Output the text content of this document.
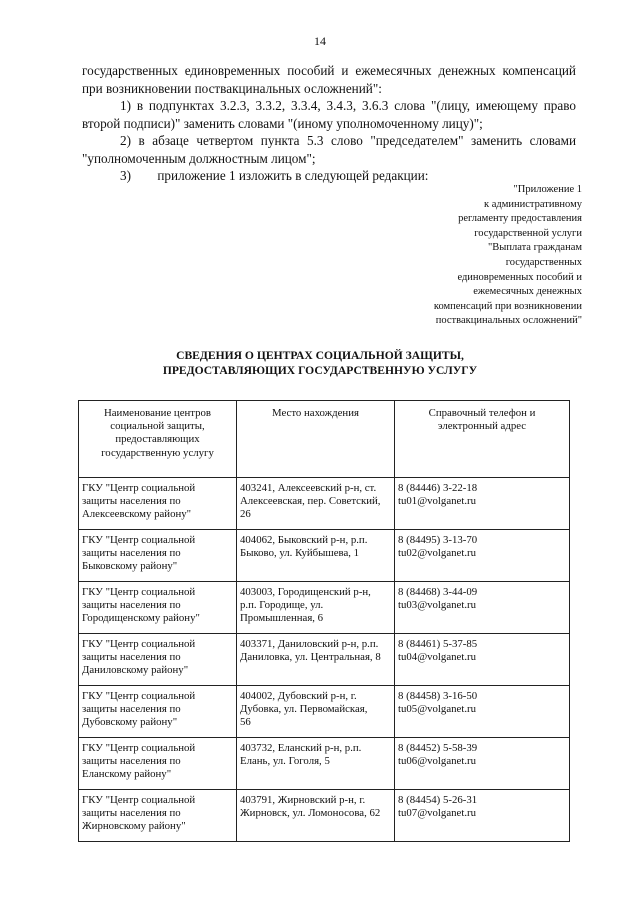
14

государственных единовременных пособий и ежемесячных денежных компенсаций при возникновении поствакцинальных осложнений":

1) в подпунктах 3.2.3, 3.3.2, 3.3.4, 3.4.3, 3.6.3 слова "(лицу, имеющему право второй подписи)" заменить словами "(иному уполномоченному лицу)";

2) в абзаце четвертом пункта 5.3 слово "председателем" заменить словами "уполномоченным должностным лицом";

3)        приложение 1 изложить в следующей редакции:

"Приложение 1
к административному
регламенту предоставления
государственной услуги
"Выплата гражданам
государственных
единовременных пособий и
ежемесячных денежных
компенсаций при возникновении
поствакцинальных осложнений"
СВЕДЕНИЯ О ЦЕНТРАХ СОЦИАЛЬНОЙ ЗАЩИТЫ,
ПРЕДОСТАВЛЯЮЩИХ ГОСУДАРСТВЕННУЮ УСЛУГУ
Наименование центров
социальной защиты,
предоставляющих
государственную услугу	Место нахождения	Справочный телефон и
электронный адрес

ГКУ "Центр социальной
защиты населения по
Алексеевскому району"	403241, Алексеевский р-н, ст.
Алексеевская, пер. Советский,
26	8 (84446) 3-22-18
tu01@volganet.ru

ГКУ "Центр социальной
защиты населения по
Быковскому району"	404062, Быковский р-н, р.п.
Быково, ул. Куйбышева, 1	8 (84495) 3-13-70
tu02@volganet.ru

ГКУ "Центр социальной
защиты населения по
Городищенскому району"	403003, Городищенский р-н,
р.п. Городище, ул.
Промышленная, 6	8 (84468) 3-44-09
tu03@volganet.ru

ГКУ "Центр социальной
защиты населения по
Даниловскому району"	403371, Даниловский р-н, р.п.
Даниловка, ул. Центральная, 8	8 (84461) 5-37-85
tu04@volganet.ru

ГКУ "Центр социальной
защиты населения по
Дубовскому району"	404002, Дубовский р-н, г.
Дубовка, ул. Первомайская,
56	8 (84458) 3-16-50
tu05@volganet.ru

ГКУ "Центр социальной
защиты населения по
Еланскому району"	403732, Еланский р-н, р.п.
Елань, ул. Гоголя, 5	8 (84452) 5-58-39
tu06@volganet.ru

ГКУ "Центр социальной
защиты населения по
Жирновскому району"	403791, Жирновский р-н, г.
Жирновск, ул. Ломоносова, 62	8 (84454) 5-26-31
tu07@volganet.ru
